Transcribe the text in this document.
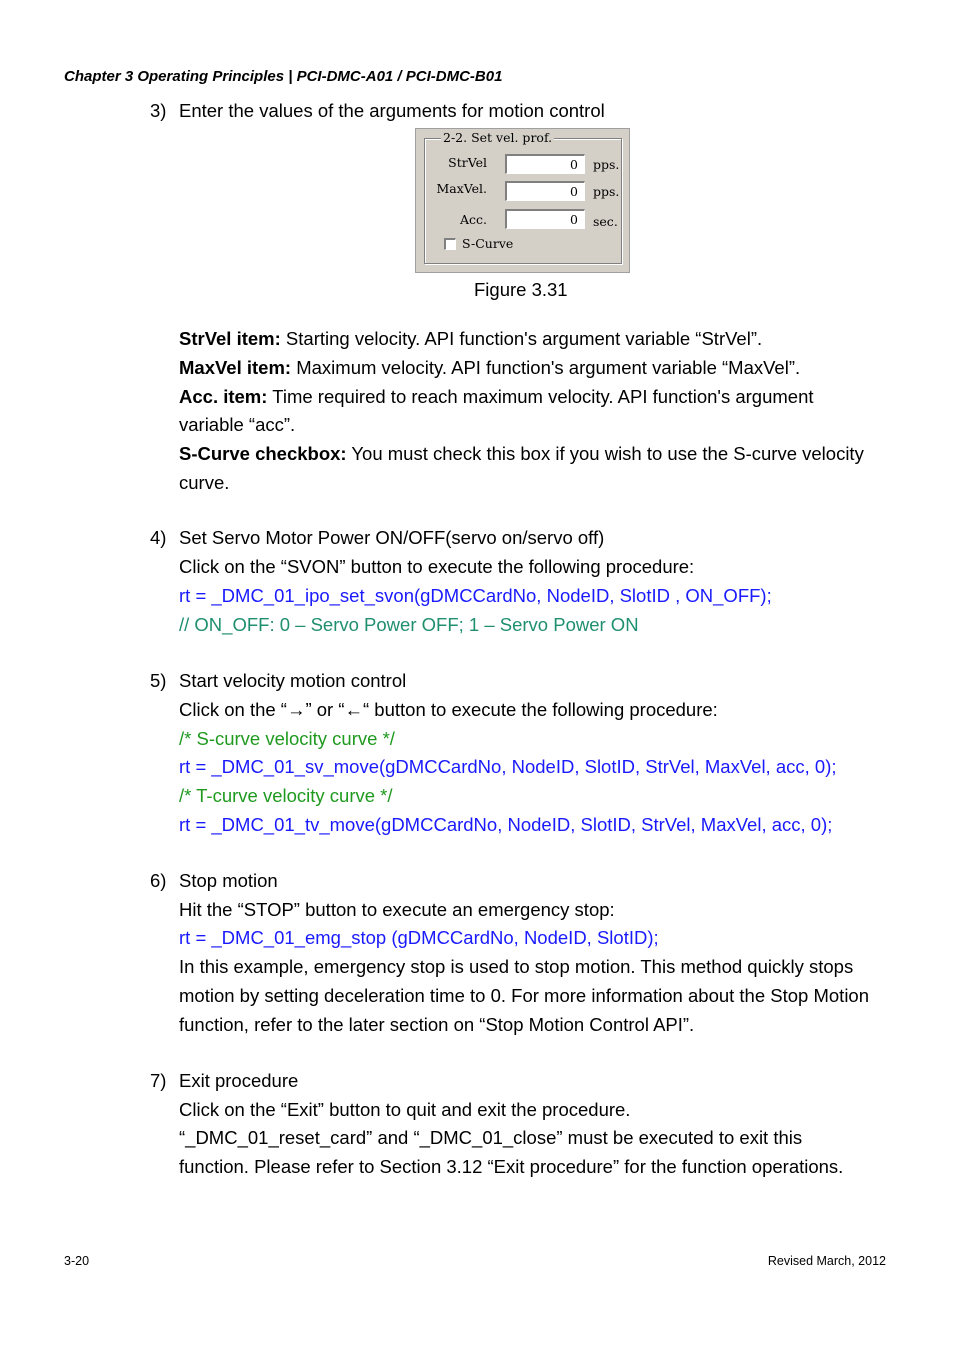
Chapter 3 Operating Principles | PCI-DMC-A01 / PCI-DMC-B01
3) Enter the values of the arguments for motion control
2-2. Set vel. prof.
StrVel	0	pps.
MaxVel.	0	pps.
Acc.	0	sec.
S-Curve
Figure 3.31
StrVel item: Starting velocity. API function's argument variable “StrVel”.
MaxVel item: Maximum velocity. API function's argument variable “MaxVel”.
Acc. item: Time required to reach maximum velocity. API function's argument
variable “acc”.
S-Curve checkbox: You must check this box if you wish to use the S-curve velocity
curve.
4) Set Servo Motor Power ON/OFF(servo on/servo off)
Click on the “SVON” button to execute the following procedure:
rt = _DMC_01_ipo_set_svon(gDMCCardNo, NodeID, SlotID , ON_OFF);
// ON_OFF: 0 – Servo Power OFF; 1 – Servo Power ON
5) Start velocity motion control
Click on the “→” or “←“ button to execute the following procedure:
/* S-curve velocity curve */
rt = _DMC_01_sv_move(gDMCCardNo, NodeID, SlotID, StrVel, MaxVel, acc, 0);
/* T-curve velocity curve */
rt = _DMC_01_tv_move(gDMCCardNo, NodeID, SlotID, StrVel, MaxVel, acc, 0);
6) Stop motion
Hit the “STOP” button to execute an emergency stop:
rt = _DMC_01_emg_stop (gDMCCardNo, NodeID, SlotID);
In this example, emergency stop is used to stop motion. This method quickly stops
motion by setting deceleration time to 0. For more information about the Stop Motion
function, refer to the later section on “Stop Motion Control API”.
7) Exit procedure
Click on the “Exit” button to quit and exit the procedure.
“_DMC_01_reset_card” and “_DMC_01_close” must be executed to exit this
function. Please refer to Section 3.12 “Exit procedure” for the function operations.
3-20	Revised March, 2012
